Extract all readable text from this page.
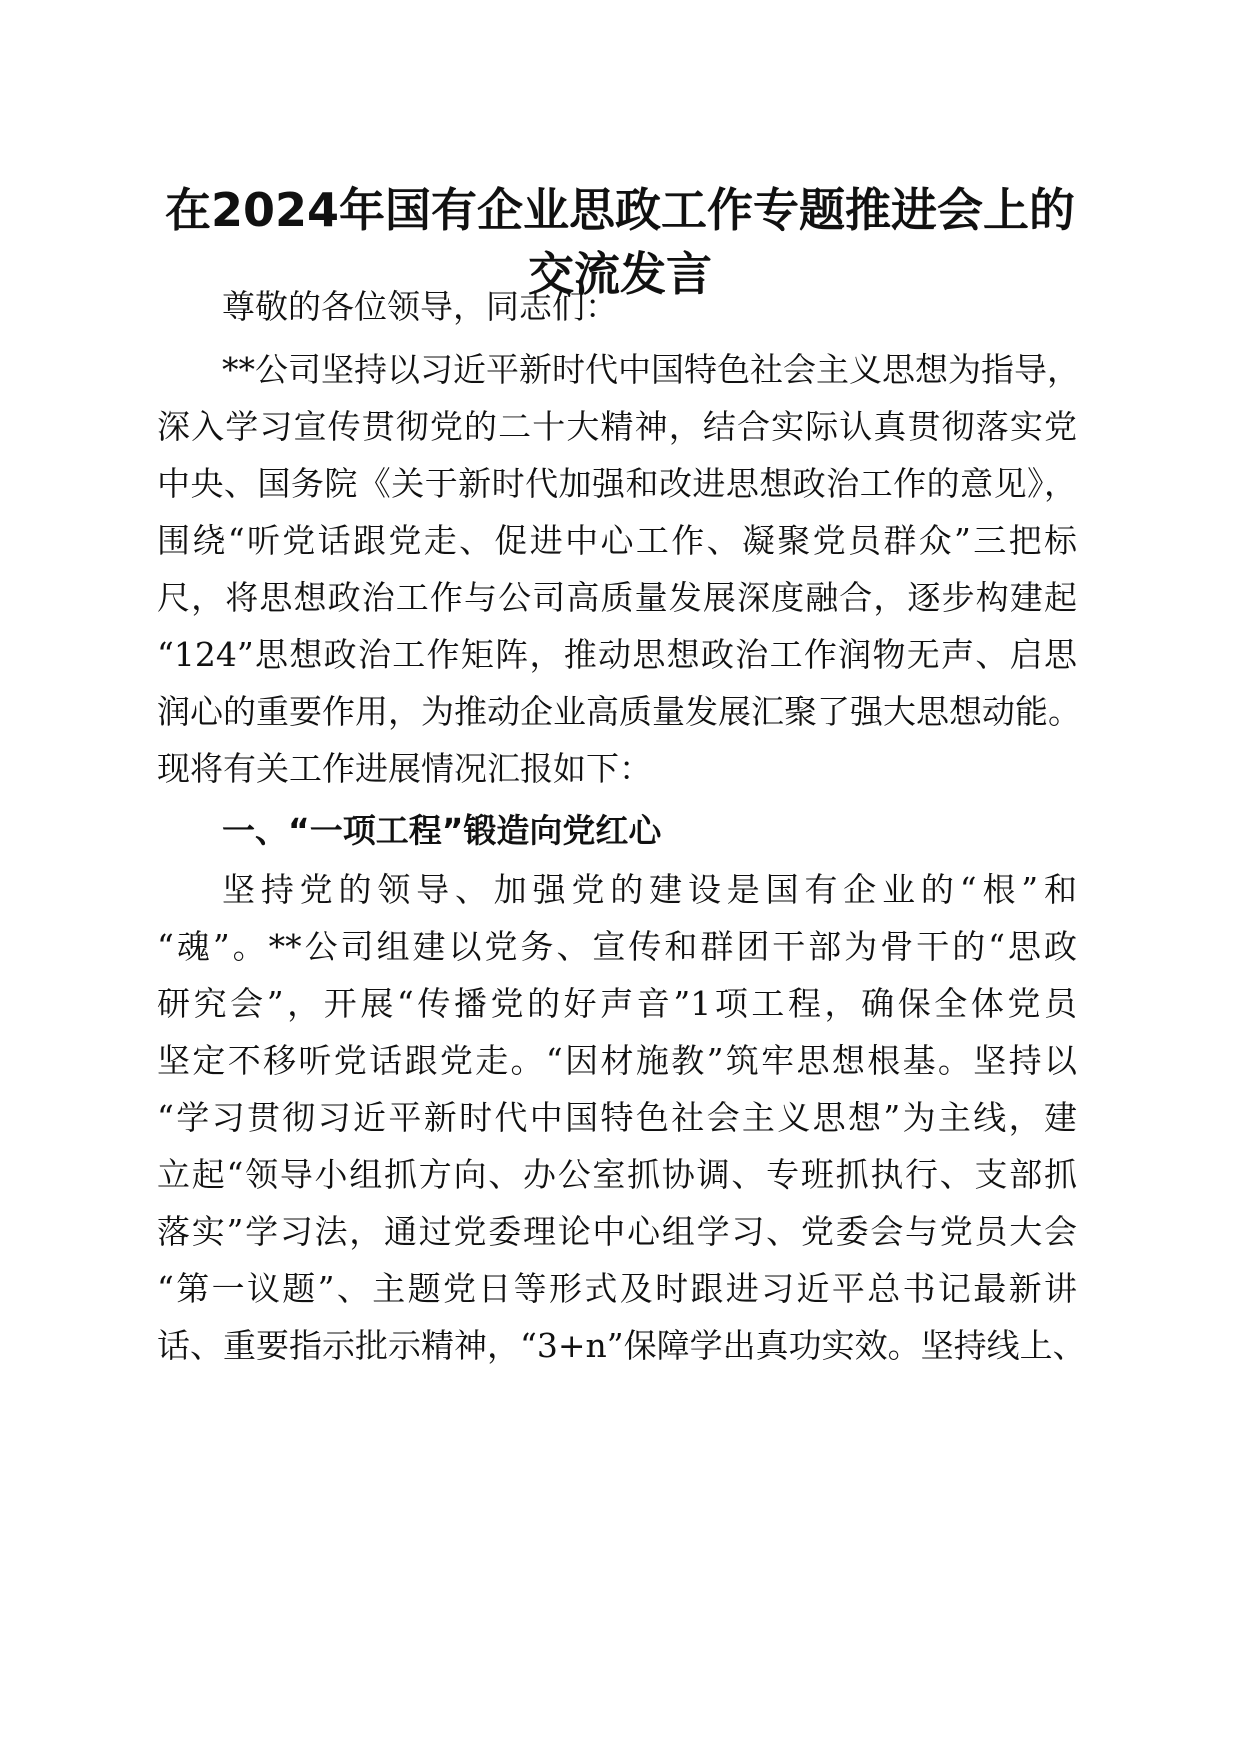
在2024年国有企业思政工作专题推进会上的
交流发言

尊敬的各位领导，同志们：

**公司坚持以习近平新时代中国特色社会主义思想为指导，

深入学习宣传贯彻党的二十大精神，结合实际认真贯彻落实党

中央、国务院《关于新时代加强和改进思想政治工作的意见》，

围绕“听党话跟党走、促进中心工作、凝聚党员群众”三把标

尺，将思想政治工作与公司高质量发展深度融合，逐步构建起

“124”思想政治工作矩阵，推动思想政治工作润物无声、启思

润心的重要作用，为推动企业高质量发展汇聚了强大思想动能。

现将有关工作进展情况汇报如下：

一、“一项工程”锻造向党红心

坚持党的领导、加强党的建设是国有企业的“根”和

“魂”。**公司组建以党务、宣传和群团干部为骨干的“思政

研究会”，开展“传播党的好声音”1项工程，确保全体党员

坚定不移听党话跟党走。“因材施教”筑牢思想根基。坚持以

“学习贯彻习近平新时代中国特色社会主义思想”为主线，建

立起“领导小组抓方向、办公室抓协调、专班抓执行、支部抓

落实”学习法，通过党委理论中心组学习、党委会与党员大会

“第一议题”、主题党日等形式及时跟进习近平总书记最新讲

话、重要指示批示精神，“3+n”保障学出真功实效。坚持线上、
